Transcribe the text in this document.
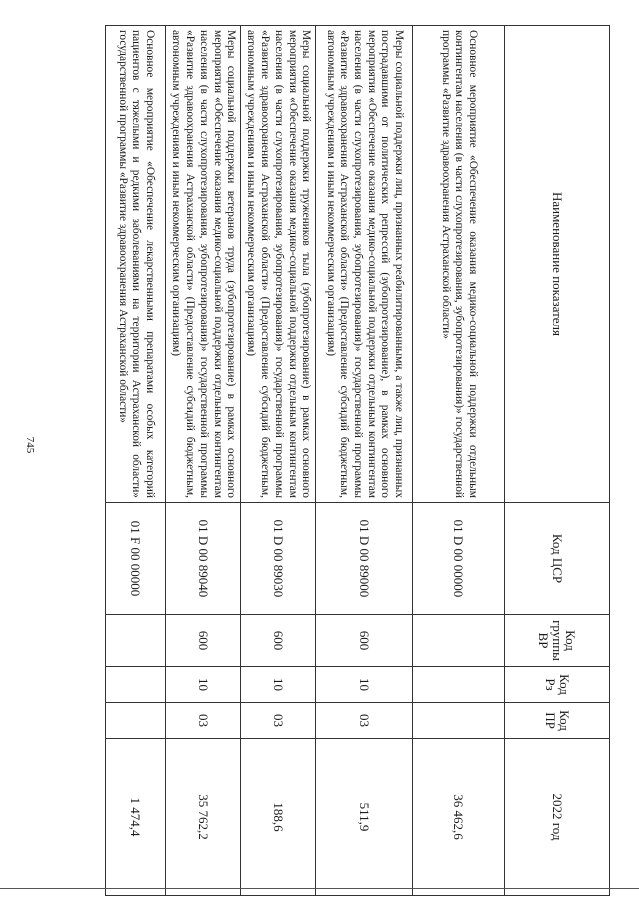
745
Наименование показателя	Код ЦСР	Код группы ВР	Код Рз	Код ПР	2022 год
Основное мероприятие «Обеспечение оказания медико-социальной поддержки отдельным контингентам населения (в части слухопротезирования, зубопротезирования)» государственной программы «Развитие здравоохранения Астраханской области»	01 D 00 00000				36 462,6
Меры социальной поддержки лиц, признанных реабилитированными, а также лиц, признанных пострадавшими от политических репрессий (зубопротезирование), в рамках основного мероприятия «Обеспечение оказания медико-социальной поддержки отдельным контингентам населения (в части слухопротезирования, зубопротезирования)» государственной программы «Развитие здравоохранения Астраханской области» (Предоставление субсидий бюджетным, автономным учреждениям и иным некоммерческим организациям)	01 D 00 89000	600	10	03	511,9
Меры социальной поддержки тружеников тыла (зубопротезирование) в рамках основного мероприятия «Обеспечение оказания медико-социальной поддержки отдельным контингентам населения (в части слухопротезирования, зубопротезирования)» государственной программы «Развитие здравоохранения Астраханской области» (Предоставление субсидий бюджетным, автономным учреждениям и иным некоммерческим организациям)	01 D 00 89030	600	10	03	188,6
Меры социальной поддержки ветеранов труда (зубопротезирование) в рамках основного мероприятия «Обеспечение оказания медико-социальной поддержки отдельным контингентам населения (в части слухопротезирования, зубопротезирования)» государственной программы «Развитие здравоохранения Астраханской области» (Предоставление субсидий бюджетным, автономным учреждениям и иным некоммерческим организациям)	01 D 00 89040	600	10	03	35 762,2
Основное мероприятие «Обеспечение лекарственными препаратами особых категорий пациентов с тяжелыми и редкими заболеваниями на территории Астраханской области» государственной программы «Развитие здравоохранения Астраханской области»	01 F 00 00000				1 474,4
